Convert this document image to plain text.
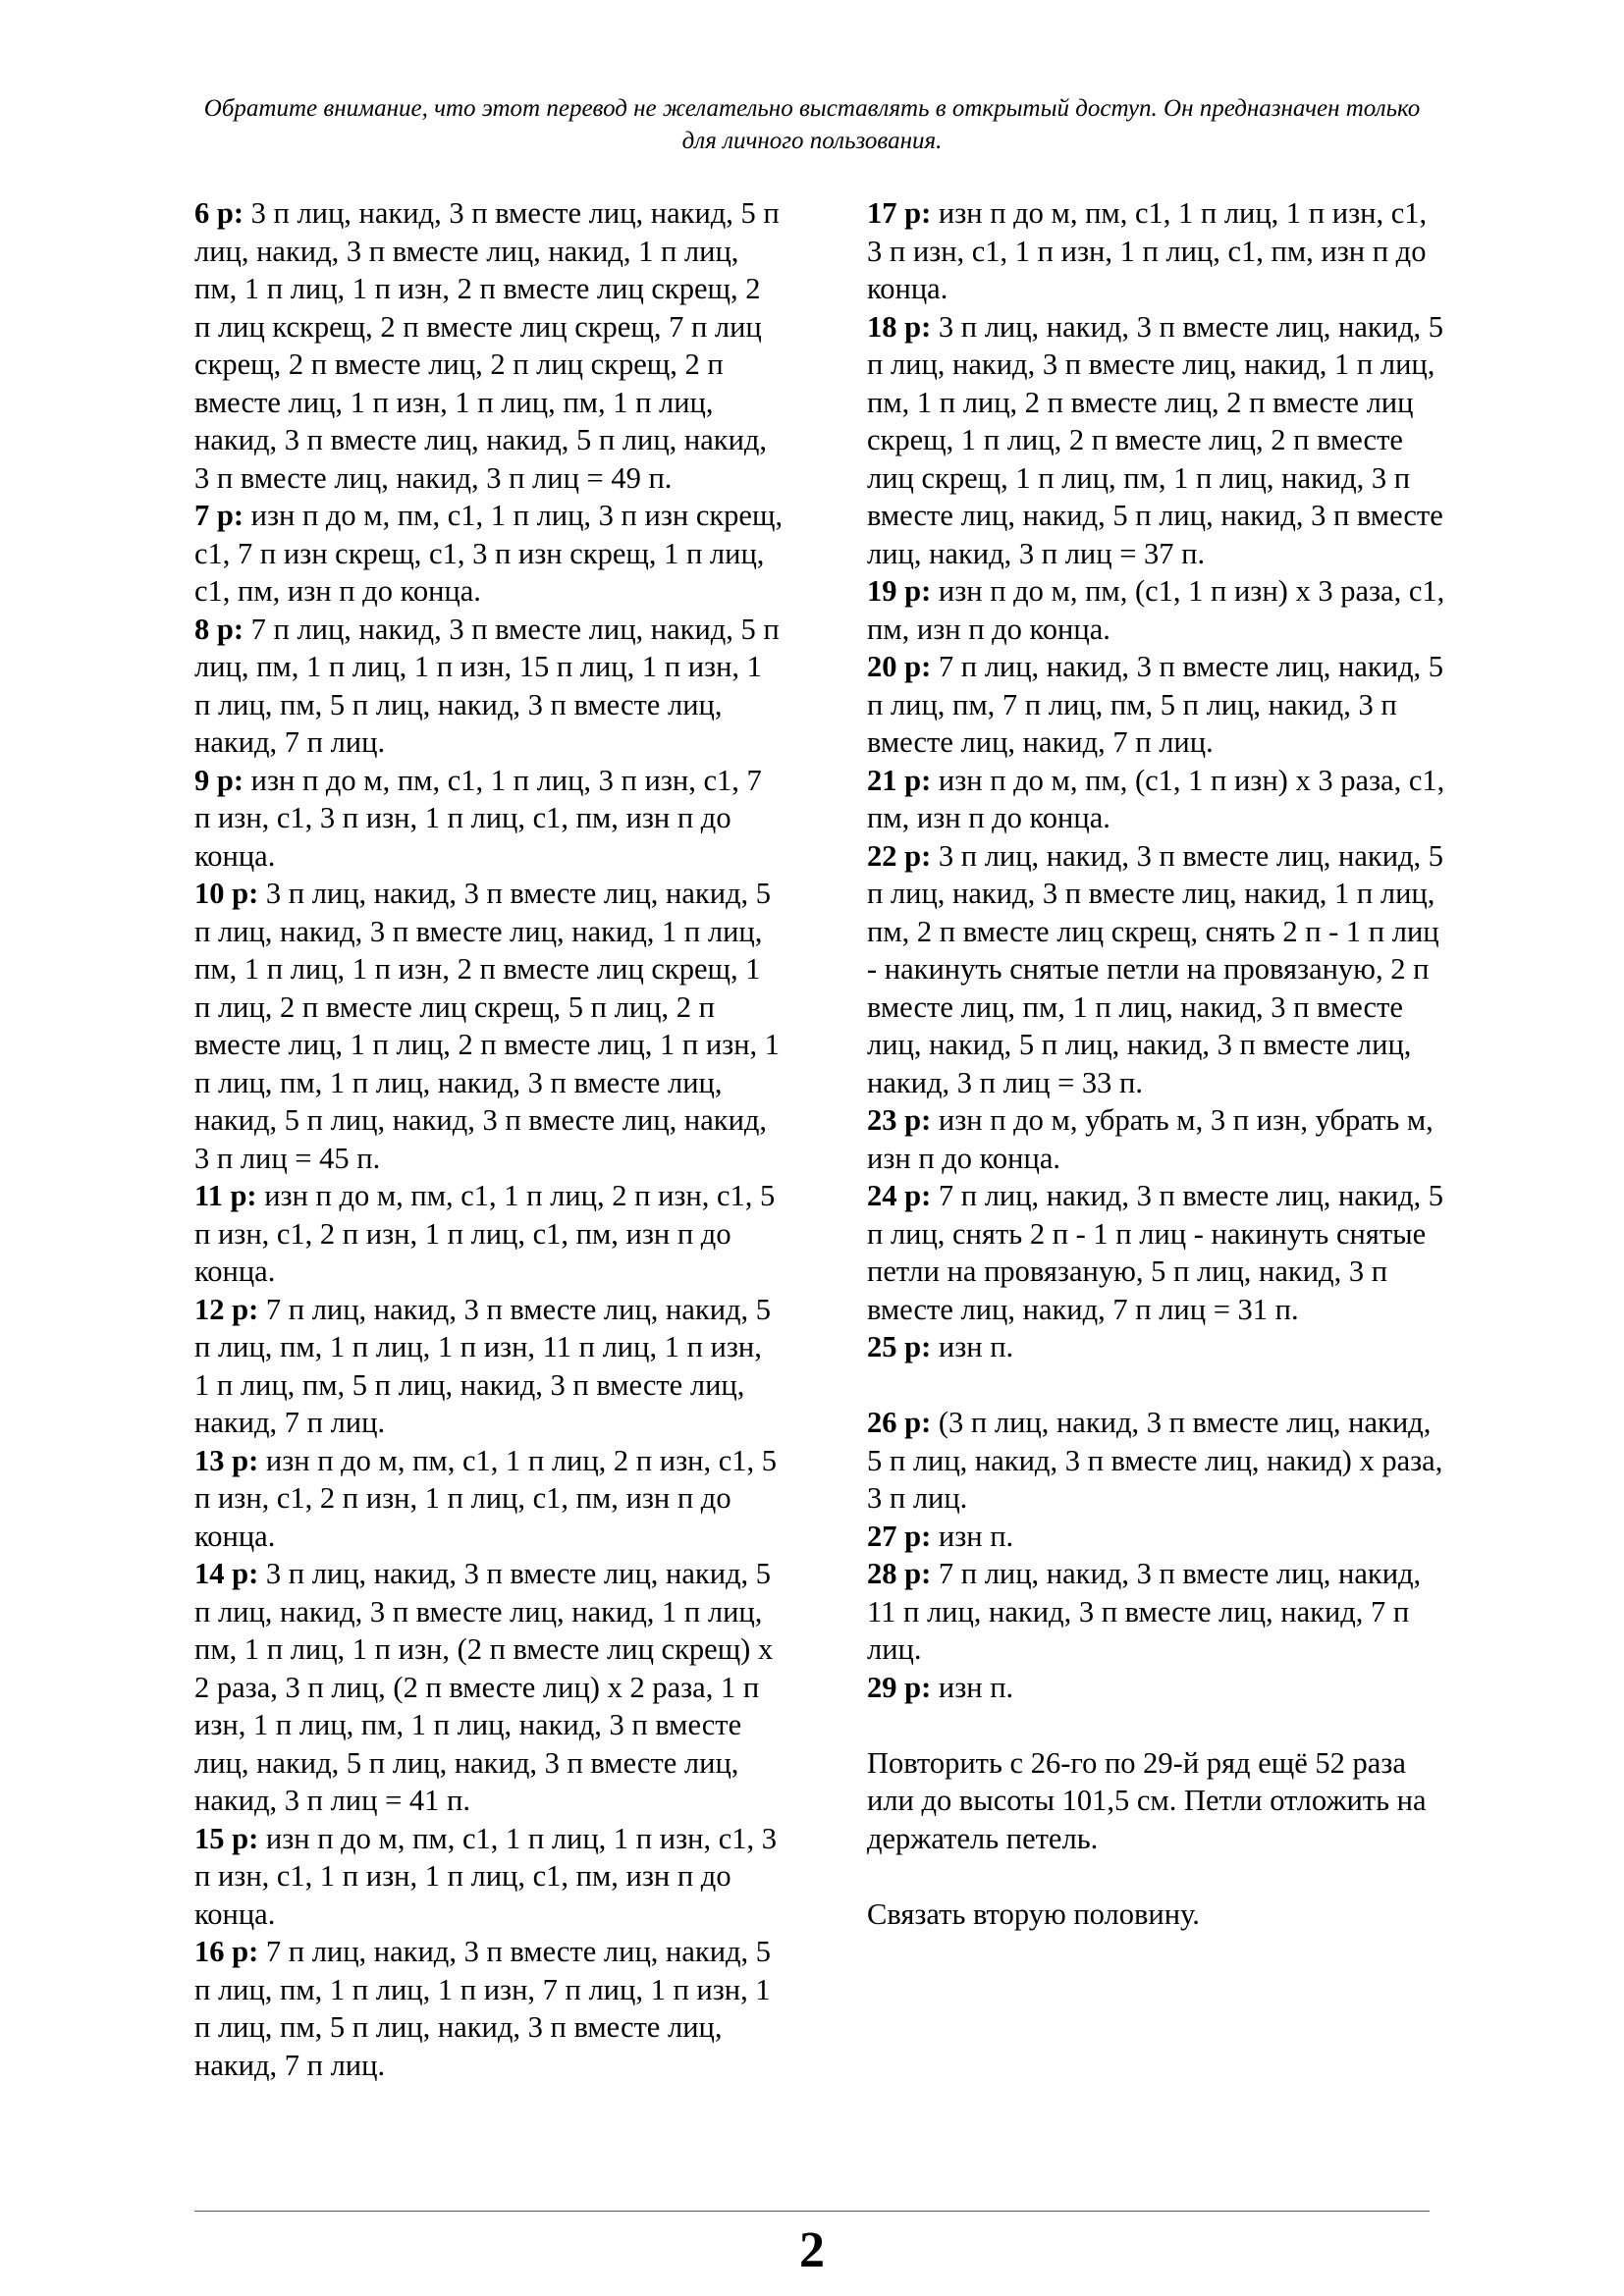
Обратите внимание, что этот перевод не желательно выставлять в открытый доступ. Он предназначен только для личного пользования.

6 р: 3 п лиц, накид, 3 п вместе лиц, накид, 5 п лиц, накид, 3 п вместе лиц, накид, 1 п лиц, пм, 1 п лиц, 1 п изн, 2 п вместе лиц скрещ, 2 п лиц кскрещ, 2 п вместе лиц скрещ, 7 п лиц скрещ, 2 п вместе лиц, 2 п лиц скрещ, 2 п вместе лиц, 1 п изн, 1 п лиц, пм, 1 п лиц, накид, 3 п вместе лиц, накид, 5 п лиц, накид, 3 п вместе лиц, накид, 3 п лиц = 49 п.

7 р: изн п до м, пм, с1, 1 п лиц, 3 п изн скрещ, с1, 7 п изн скрещ, с1, 3 п изн скрещ, 1 п лиц, с1, пм, изн п до конца.

8 р: 7 п лиц, накид, 3 п вместе лиц, накид, 5 п лиц, пм, 1 п лиц, 1 п изн, 15 п лиц, 1 п изн, 1 п лиц, пм, 5 п лиц, накид, 3 п вместе лиц, накид, 7 п лиц.

9 р: изн п до м, пм, с1, 1 п лиц, 3 п изн, с1, 7 п изн, с1, 3 п изн, 1 п лиц, с1, пм, изн п до конца.

10 р: 3 п лиц, накид, 3 п вместе лиц, накид, 5 п лиц, накид, 3 п вместе лиц, накид, 1 п лиц, пм, 1 п лиц, 1 п изн, 2 п вместе лиц скрещ, 1 п лиц, 2 п вместе лиц скрещ, 5 п лиц, 2 п вместе лиц, 1 п лиц, 2 п вместе лиц, 1 п изн, 1 п лиц, пм, 1 п лиц, накид, 3 п вместе лиц, накид, 5 п лиц, накид, 3 п вместе лиц, накид, 3 п лиц = 45 п.

11 р: изн п до м, пм, с1, 1 п лиц, 2 п изн, с1, 5 п изн, с1, 2 п изн, 1 п лиц, с1, пм, изн п до конца.

12 р: 7 п лиц, накид, 3 п вместе лиц, накид, 5 п лиц, пм, 1 п лиц, 1 п изн, 11 п лиц, 1 п изн, 1 п лиц, пм, 5 п лиц, накид, 3 п вместе лиц, накид, 7 п лиц.

13 р: изн п до м, пм, с1, 1 п лиц, 2 п изн, с1, 5 п изн, с1, 2 п изн, 1 п лиц, с1, пм, изн п до конца.

14 р: 3 п лиц, накид, 3 п вместе лиц, накид, 5 п лиц, накид, 3 п вместе лиц, накид, 1 п лиц, пм, 1 п лиц, 1 п изн, (2 п вместе лиц скрещ) х 2 раза, 3 п лиц, (2 п вместе лиц) х 2 раза, 1 п изн, 1 п лиц, пм, 1 п лиц, накид, 3 п вместе лиц, накид, 5 п лиц, накид, 3 п вместе лиц, накид, 3 п лиц = 41 п.

15 р: изн п до м, пм, с1, 1 п лиц, 1 п изн, с1, 3 п изн, с1, 1 п изн, 1 п лиц, с1, пм, изн п до конца.

16 р: 7 п лиц, накид, 3 п вместе лиц, накид, 5 п лиц, пм, 1 п лиц, 1 п изн, 7 п лиц, 1 п изн, 1 п лиц, пм, 5 п лиц, накид, 3 п вместе лиц, накид, 7 п лиц.

17 р: изн п до м, пм, с1, 1 п лиц, 1 п изн, с1, 3 п изн, с1, 1 п изн, 1 п лиц, с1, пм, изн п до конца.

18 р: 3 п лиц, накид, 3 п вместе лиц, накид, 5 п лиц, накид, 3 п вместе лиц, накид, 1 п лиц, пм, 1 п лиц, 2 п вместе лиц, 2 п вместе лиц скрещ, 1 п лиц, 2 п вместе лиц, 2 п вместе лиц скрещ, 1 п лиц, пм, 1 п лиц, накид, 3 п вместе лиц, накид, 5 п лиц, накид, 3 п вместе лиц, накид, 3 п лиц = 37 п.

19 р: изн п до м, пм, (с1, 1 п изн) х 3 раза, с1, пм, изн п до конца.

20 р: 7 п лиц, накид, 3 п вместе лиц, накид, 5 п лиц, пм, 7 п лиц, пм, 5 п лиц, накид, 3 п вместе лиц, накид, 7 п лиц.

21 р: изн п до м, пм, (с1, 1 п изн) х 3 раза, с1, пм, изн п до конца.

22 р: 3 п лиц, накид, 3 п вместе лиц, накид, 5 п лиц, накид, 3 п вместе лиц, накид, 1 п лиц, пм, 2 п вместе лиц скрещ, снять 2 п - 1 п лиц - накинуть снятые петли на провязаную, 2 п вместе лиц, пм, 1 п лиц, накид, 3 п вместе лиц, накид, 5 п лиц, накид, 3 п вместе лиц, накид, 3 п лиц = 33 п.

23 р: изн п до м, убрать м, 3 п изн, убрать м, изн п до конца.

24 р: 7 п лиц, накид, 3 п вместе лиц, накид, 5 п лиц, снять 2 п - 1 п лиц - накинуть снятые петли на провязаную, 5 п лиц, накид, 3 п вместе лиц, накид, 7 п лиц = 31 п.

25 р: изн п.

26 р: (3 п лиц, накид, 3 п вместе лиц, накид, 5 п лиц, накид, 3 п вместе лиц, накид) х раза, 3 п лиц.

27 р: изн п.

28 р: 7 п лиц, накид, 3 п вместе лиц, накид, 11 п лиц, накид, 3 п вместе лиц, накид, 7 п лиц.

29 р: изн п.

Повторить с 26-го по 29-й ряд ещё 52 раза или до высоты 101,5 см. Петли отложить на держатель петель.

Связать вторую половину.

2
